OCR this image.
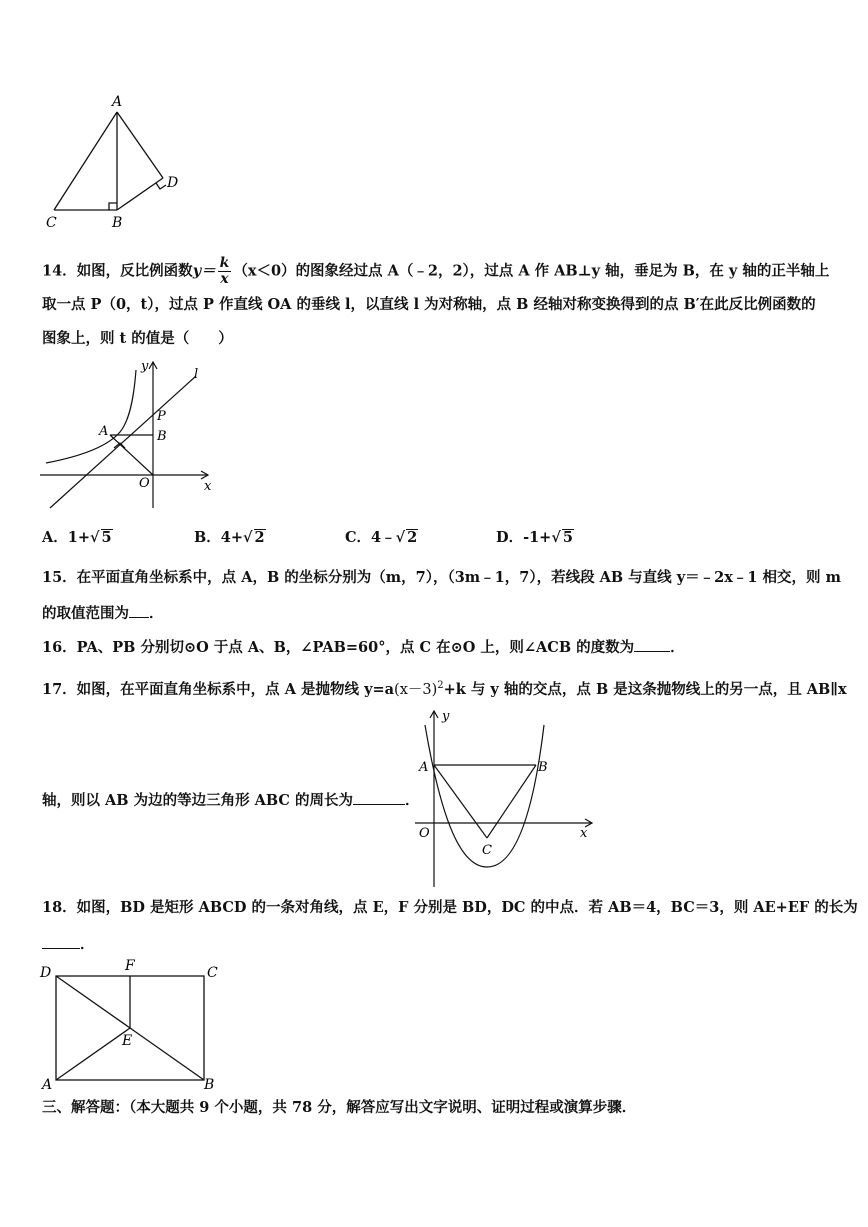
A
D
C	B
14．如图，反比例函数$y= \frac{k}{x} (x<0)$的图象经过点 A（﹣2，2），过点 A 作 AB⊥y 轴，垂足为 B，在 y 轴的正半轴上
取一点 P（0，t），过点 P 作直线 OA 的垂线 l，以直线 l 为对称轴，点 B 经轴对称变换得到的点 B′在此反比例函数的
图象上，则 t 的值是（　　）
y
x
l
P
A	B
O
A．1+√ 5	B．4+√ 2	C．4﹣√ 2	D．-1+√ 5
15．在平面直角坐标系中，点 A，B 的坐标分别为（m，7），（3m﹣1，7），若线段 AB 与直线 y＝﹣2x﹣1 相交，则 m
的取值范围为 ．
16．PA、PB 分别切⊙O 于点 A、B，∠PAB=60°，点 C 在⊙O 上，则∠ACB 的度数为 ．
17．如图，在平面直角坐标系中，点 A 是抛物线 $y=a(x-3)^2+k$ 与 y 轴的交点，点 B 是这条抛物线上的另一点，且 AB∥x
轴，则以 AB 为边的等边三角形 ABC 的周长为	．
y
x
A	B
O
C
18．如图，BD 是矩形 ABCD 的一条对角线，点 E，F 分别是 BD，DC 的中点．若 AB＝4，BC＝3，则 AE+EF 的长为
．
D	F	C
E
A	B
三、解答题：（本大题共 9 个小题，共 78 分，解答应写出文字说明、证明过程或演算步骤．
